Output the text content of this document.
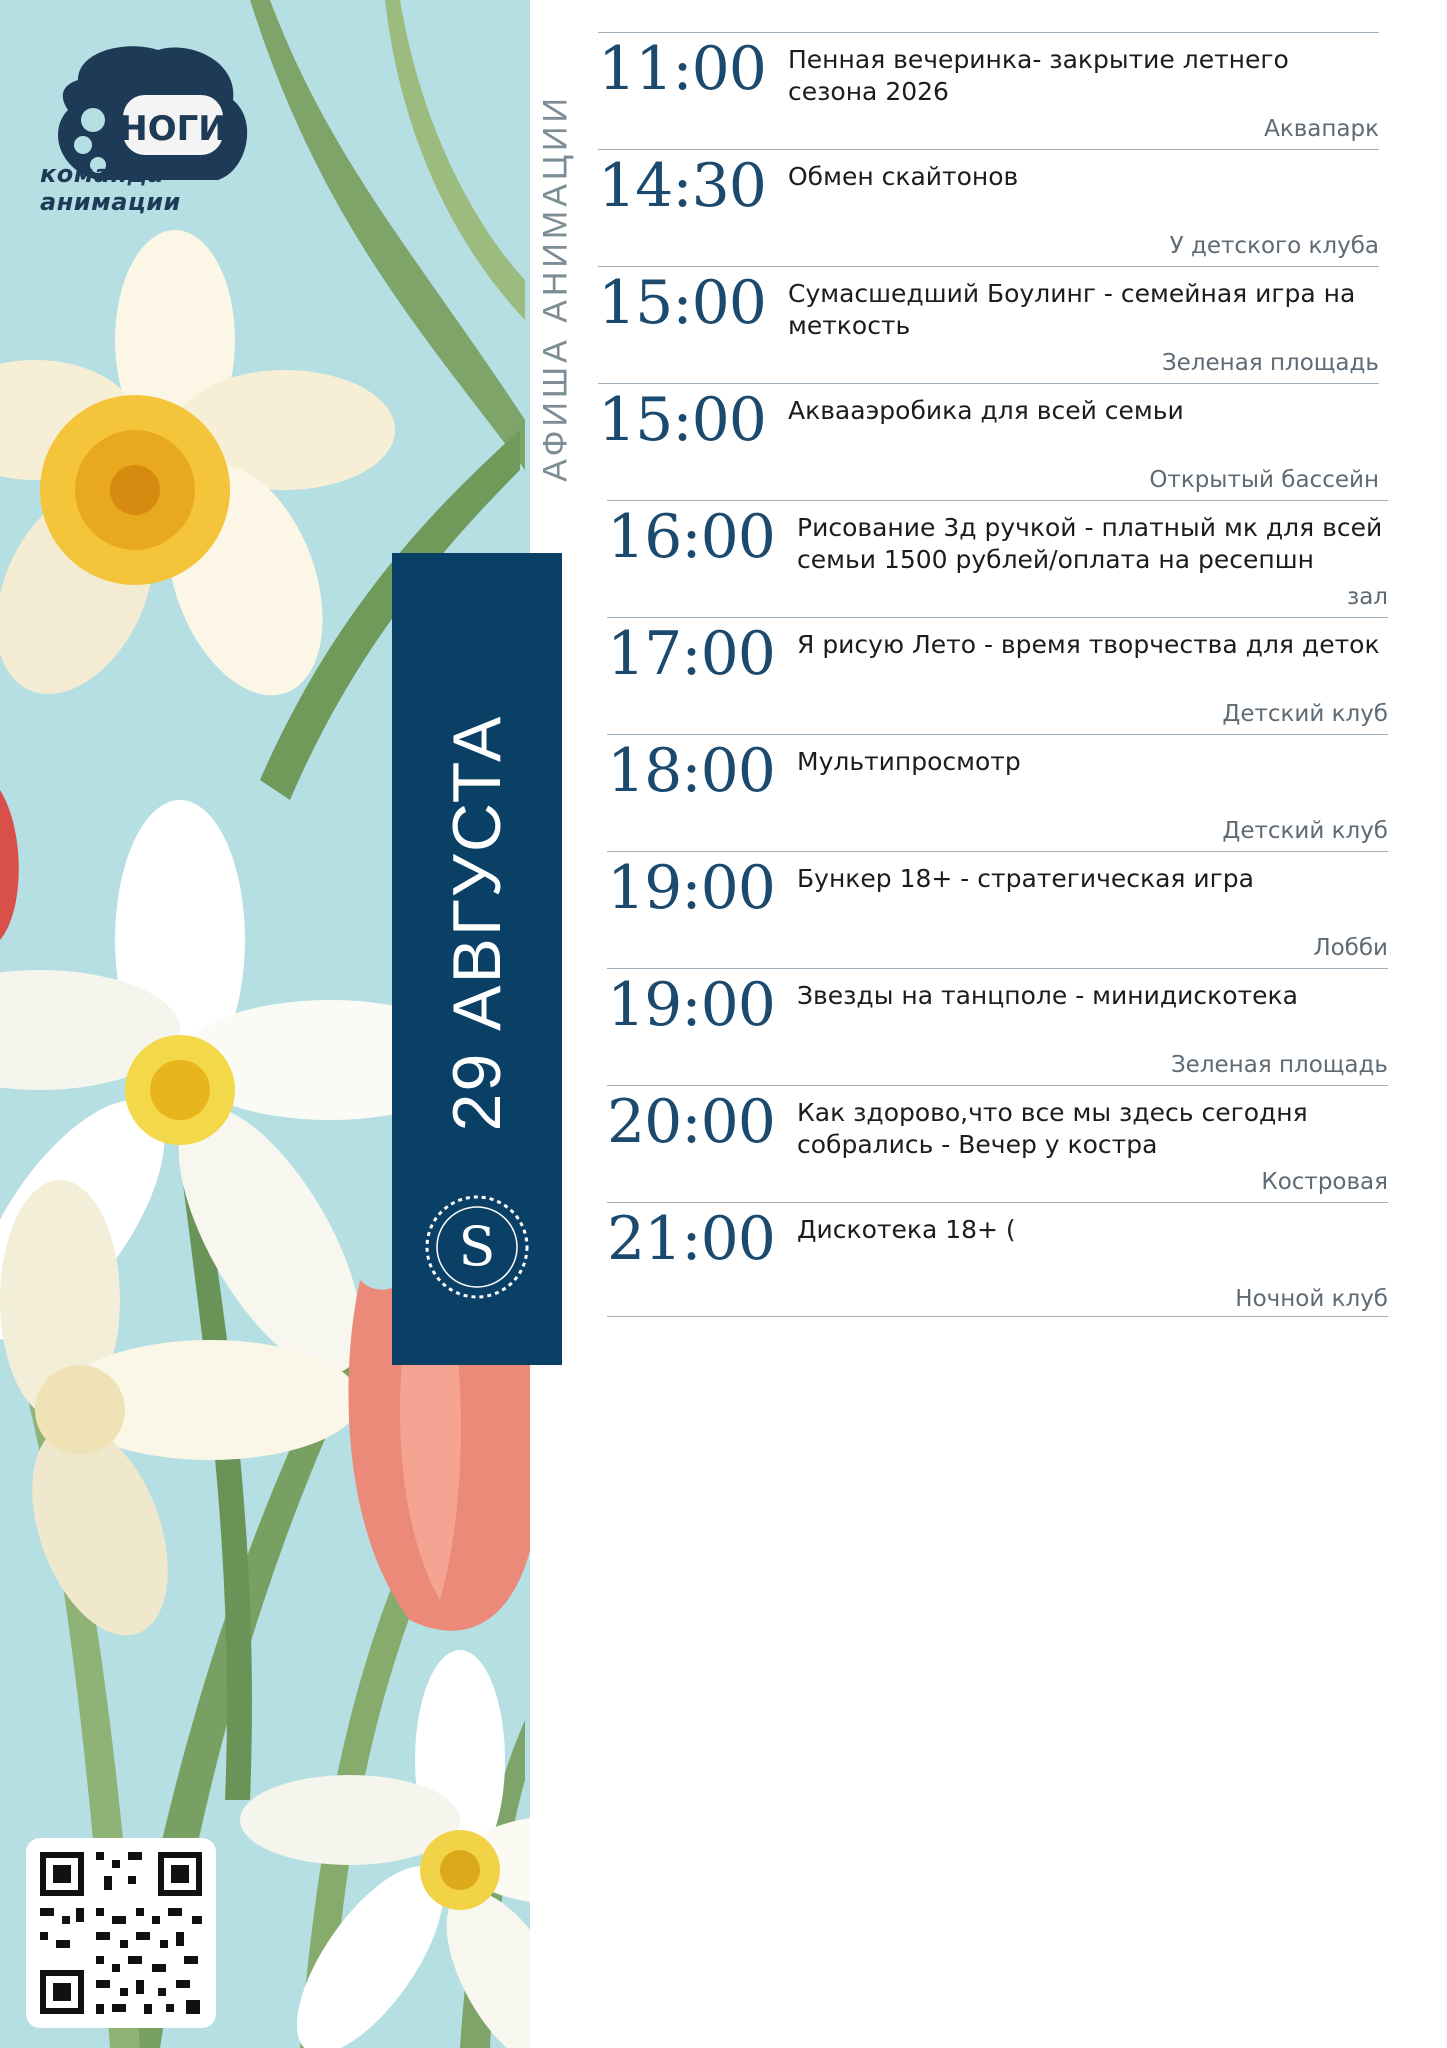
НОГИ
команда анимации	АФИША АНИМАЦИИ
29 АВГУСТА
S
11:00 Пенная вечеринка- закрытие летнего сезона 2026
Аквапарк
14:30 Обмен скайтонов
У детского клуба
15:00 Сумасшедший Боулинг - семейная игра на меткость
Зеленая площадь
15:00 Аквааэробика для всей семьи
Открытый бассейн
16:00 Рисование 3д ручкой - платный мк для всей семьи 1500 рублей/оплата на ресепшн
зал
17:00 Я рисую Лето - время творчества для деток
Детский клуб
18:00 Мультипросмотр
Детский клуб
19:00 Бункер 18+ - стратегическая игра
Лобби
19:00 Звезды на танцполе - минидискотека
Зеленая площадь
20:00 Как здорово,что все мы здесь сегодня собрались - Вечер у костра
Костровая
21:00 Дискотека 18+ (
Ночной клуб
